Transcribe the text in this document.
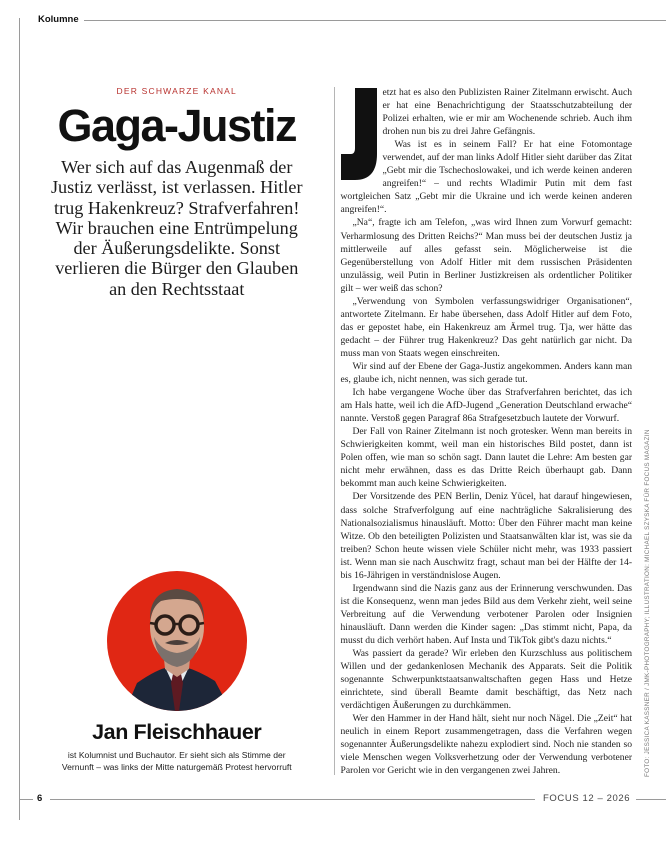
Kolumne
DER SCHWARZE KANAL
Gaga-Justiz
Wer sich auf das Augenmaß der Justiz verlässt, ist verlassen. Hitler trug Hakenkreuz? Strafverfahren! Wir brauchen eine Entrümpelung der Äußerungsdelikte. Sonst verlieren die Bürger den Glauben an den Rechtsstaat
Jan Fleischhauer
ist Kolumnist und Buchautor. Er sieht sich als Stimme der Vernunft – was links der Mitte naturgemäß Protest hervorruft

etzt hat es also den Publizisten Rainer Zitelmann erwischt. Auch er hat eine Benachrichtigung der Staatsschutzabteilung der Polizei erhalten, wie er mir am Wochenende schrieb. Auch ihm drohen nun bis zu drei Jahre Gefängnis.

Was ist es in seinem Fall? Er hat eine Fotomontage verwendet, auf der man links Adolf Hitler sieht darüber das Zitat „Gebt mir die Tschechoslowakei, und ich werde keinen anderen angreifen!“ – und rechts Wladimir Putin mit dem fast wortgleichen Satz „Gebt mir die Ukraine und ich werde keinen anderen angreifen!“.

„Na“, fragte ich am Telefon, „was wird Ihnen zum Vorwurf gemacht: Verharmlosung des Dritten Reichs?“ Man muss bei der deutschen Justiz ja mittlerweile auf alles gefasst sein. Möglicherweise ist die Gegenüberstellung von Adolf Hitler mit dem russischen Präsidenten unzulässig, weil Putin in Berliner Justizkreisen als ordentlicher Politiker gilt – wer weiß das schon?

„Verwendung von Symbolen verfassungswidriger Organisationen“, antwortete Zitelmann. Er habe übersehen, dass Adolf Hitler auf dem Foto, das er gepostet habe, ein Hakenkreuz am Ärmel trug. Tja, wer hätte das gedacht – der Führer trug Hakenkreuz? Das geht natürlich gar nicht. Da muss man von Staats wegen einschreiten.

Wir sind auf der Ebene der Gaga-Justiz angekommen. Anders kann man es, glaube ich, nicht nennen, was sich gerade tut.

Ich habe vergangene Woche über das Strafverfahren berichtet, das ich am Hals hatte, weil ich die AfD-Jugend „Generation Deutschland erwache“ nannte. Verstoß gegen Paragraf 86a Strafgesetzbuch lautete der Vorwurf.

Der Fall von Rainer Zitelmann ist noch grotesker. Wenn man bereits in Schwierigkeiten kommt, weil man ein historisches Bild postet, dann ist Polen offen, wie man so schön sagt. Dann lautet die Lehre: Am besten gar nicht mehr erwähnen, dass es das Dritte Reich überhaupt gab. Dann bekommt man auch keine Schwierigkeiten.

Der Vorsitzende des PEN Berlin, Deniz Yücel, hat darauf hingewiesen, dass solche Strafverfolgung auf eine nachträgliche Sakralisierung des Nationalsozialismus hinausläuft. Motto: Über den Führer macht man keine Witze. Ob den beteiligten Polizisten und Staatsanwälten klar ist, was sie da treiben? Schon heute wissen viele Schüler nicht mehr, was 1933 passiert ist. Wenn man sie nach Auschwitz fragt, schaut man bei der Hälfte der 14- bis 16-Jährigen in verständnislose Augen.

Irgendwann sind die Nazis ganz aus der Erinnerung verschwunden. Das ist die Konsequenz, wenn man jedes Bild aus dem Verkehr zieht, weil seine Verbreitung auf die Verwendung verbotener Parolen oder Insignien hinausläuft. Dann werden die Kinder sagen: „Das stimmt nicht, Papa, da musst du dich verhört haben. Auf Insta und TikTok gibt's dazu nichts.“

Was passiert da gerade? Wir erleben den Kurzschluss aus politischem Willen und der gedankenlosen Mechanik des Apparats. Seit die Politik sogenannte Schwerpunktstaatsanwaltschaften gegen Hass und Hetze einrichtete, sind überall Beamte damit beschäftigt, das Netz nach verdächtigen Äußerungen zu durchkämmen.

Wer den Hammer in der Hand hält, sieht nur noch Nägel. Die „Zeit“ hat neulich in einem Report zusammengetragen, dass die Verfahren wegen sogenannter Äußerungsdelikte nahezu explodiert sind. Noch nie standen so viele Menschen wegen Volksverhetzung oder der Verwendung verbotener Parolen vor Gericht wie in den vergangenen zwei Jahren.	FOTO: JESSICA KASSNER / JMK-PHOTOGRAPHY; ILLUSTRATION: MICHAEL SZYSKA FÜR FOCUS MAGAZIN
6	FOCUS 12 – 2026
